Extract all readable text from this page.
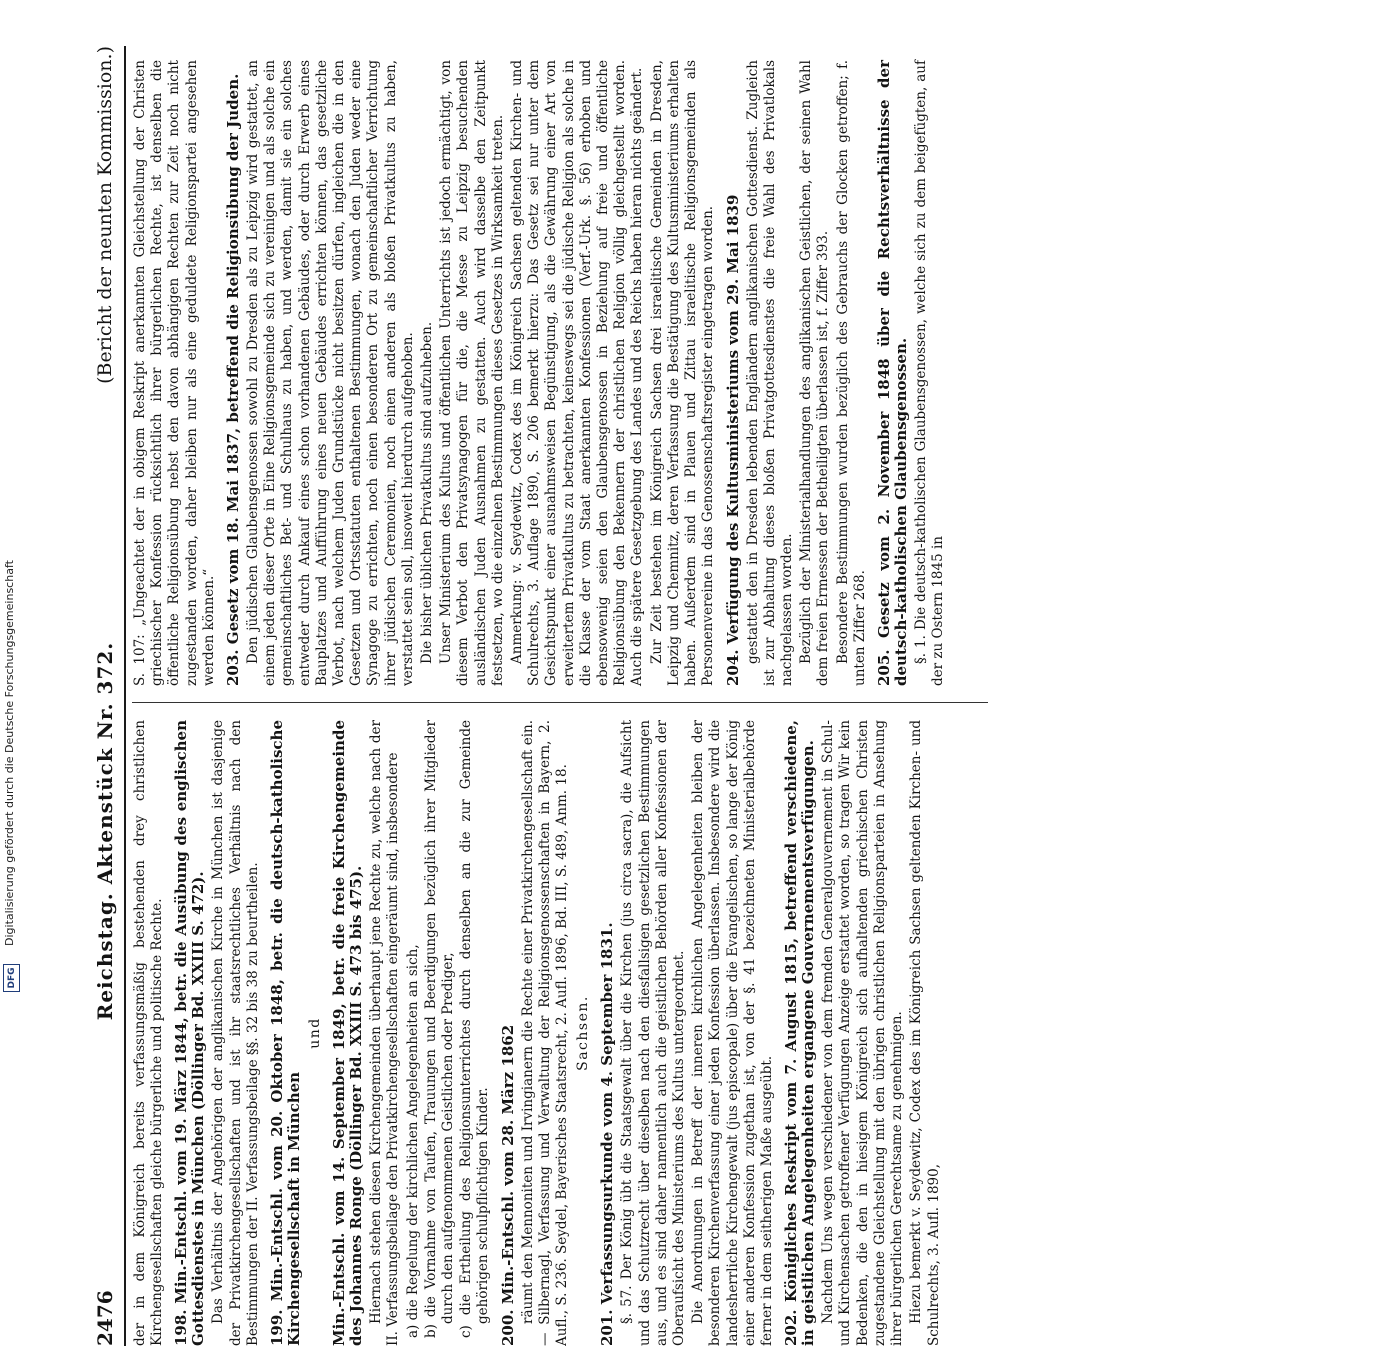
Digitalisierung gefördert durch die Deutsche Forschungsgemeinschaft
DFG
2476
Reichstag. Aktenstück Nr. 372.
(Bericht der neunten Kommission.)

der in dem Königreich bereits verfassungsmäßig bestehenden drey christlichen Kirchengesellschaften gleiche bürgerliche und politische Rechte. 198. Min.-Entschl. vom 19. März 1844, betr. die Ausübung des englischen Gottesdienstes in München (Döllinger Bd. XXIII S. 472). Das Verhältnis der Angehörigen der anglikanischen Kirche in München ist dasjenige der Privatkirchengesellschaften und ist ihr staatsrechtliches Verhältnis nach den Bestimmungen der II. Verfassungsbeilage §§. 32 bis 38 zu beurtheilen. 199. Min.-Entschl. vom 20. Oktober 1848, betr. die deutsch-katholische Kirchengesellschaft in München

und Min.-Entschl. vom 14. September 1849, betr. die freie Kirchengemeinde des Johannes Ronge (Döllinger Bd. XXIII S. 473 bis 475). Hiernach stehen diesen Kirchengemeinden überhaupt jene Rechte zu, welche nach der II. Verfassungsbeilage den Privatkirchengesellschaften eingeräumt sind, insbesondere a) die Regelung der kirchlichen Angelegenheiten an sich, b) die Vornahme von Taufen, Trauungen und Beerdigungen bezüglich ihrer Mitglieder durch den aufgenommenen Geistlichen oder Prediger, c) die Ertheilung des Religionsunterrichtes durch denselben an die zur Gemeinde gehörigen schulpflichtigen Kinder. 200. Min.-Entschl. vom 28. März 1862 räumt den Mennoniten und Irvingianern die Rechte einer Privatkirchengesellschaft ein. — Silbernagl, Verfassung und Verwaltung der Religionsgenossenschaften in Bayern, 2. Aufl., S. 236. Seydel, Bayerisches Staatsrecht, 2. Aufl. 1896, Bd. III, S. 489, Anm. 18. Sachsen. 201. Verfassungsurkunde vom 4. September 1831. §. 57. Der König übt die Staatsgewalt über die Kirchen (jus circa sacra), die Aufsicht und das Schutzrecht über dieselben nach den diesfallsigen gesetzlichen Bestimmungen aus, und es sind daher namentlich auch die geistlichen Behörden aller Konfessionen der Oberaufsicht des Ministeriums des Kultus untergeordnet. Die Anordnungen in Betreff der inneren kirchlichen Angelegenheiten bleiben der besonderen Kirchenverfassung einer jeden Konfession überlassen. Insbesondere wird die landesherrliche Kirchengewalt (jus episcopale) über die Evangelischen, so lange der König einer anderen Konfession zugethan ist, von der §. 41 bezeichneten Ministerialbehörde ferner in dem seitherigen Maße ausgeübt. 202. Königliches Reskript vom 7. August 1815, betreffend verschiedene, in geistlichen Angelegenheiten ergangene Gouvernementsverfügungen. Nachdem Uns wegen verschiedener von dem fremden Generalgouvernement in Schul- und Kirchensachen getroffener Verfügungen Anzeige erstattet worden, so tragen Wir kein Bedenken, die den in hiesigem Königreich sich aufhaltenden griechischen Christen zugestandene Gleichstellung mit den übrigen christlichen Religionsparteien in Ansehung ihrer bürgerlichen Gerechtsame zu genehmigen. Hiezu bemerkt v. Seydewitz, Codex des im Königreich Sachsen geltenden Kirchen- und Schulrechts, 3. Aufl. 1890,

S. 107: „Ungeachtet der in obigem Reskript anerkannten Gleichstellung der Christen griechischer Konfession rücksichtlich ihrer bürgerlichen Rechte, ist denselben die öffentliche Religionsübung nebst den davon abhängigen Rechten zur Zeit noch nicht zugestanden worden, daher bleiben nur als eine geduldete Religionspartei angesehen werden können.“ 203. Gesetz vom 18. Mai 1837, betreffend die Religionsübung der Juden. Den jüdischen Glaubensgenossen sowohl zu Dresden als zu Leipzig wird gestattet, an einem jeden dieser Orte in Eine Religionsgemeinde sich zu vereinigen und als solche ein gemeinschaftliches Bet- und Schulhaus zu haben, und werden, damit sie ein solches entweder durch Ankauf eines schon vorhandenen Gebäudes, oder durch Erwerb eines Bauplatzes und Aufführung eines neuen Gebäudes errichten können, das gesetzliche Verbot, nach welchem Juden Grundstücke nicht besitzen dürfen, ingleichen die in den Gesetzen und Ortsstatuten enthaltenen Bestimmungen, wonach den Juden weder eine Synagoge zu errichten, noch einen besonderen Ort zu gemeinschaftlicher Verrichtung ihrer jüdischen Ceremonien, noch einen anderen als bloßen Privatkultus zu haben, verstattet sein soll, insoweit hierdurch aufgehoben. Die bisher üblichen Privatkultus sind aufzuheben. Unser Ministerium des Kultus und öffentlichen Unterrichts ist jedoch ermächtigt, von diesem Verbot den Privatsynagogen für die, die Messe zu Leipzig besuchenden ausländischen Juden Ausnahmen zu gestatten. Auch wird dasselbe den Zeitpunkt festsetzen, wo die einzelnen Bestimmungen dieses Gesetzes in Wirksamkeit treten. Anmerkung: v. Seydewitz, Codex des im Königreich Sachsen geltenden Kirchen- und Schulrechts, 3. Auflage 1890, S. 206 bemerkt hierzu: Das Gesetz sei nur unter dem Gesichtspunkt einer ausnahmsweisen Begünstigung, als die Gewährung einer Art von erweitertem Privatkultus zu betrachten, keineswegs sei die jüdische Religion als solche in die Klasse der vom Staat anerkannten Konfessionen (Verf.-Urk. §. 56) erhoben und ebensowenig seien den Glaubensgenossen in Beziehung auf freie und öffentliche Religionsübung den Bekennern der christlichen Religion völlig gleichgestellt worden. Auch die spätere Gesetzgebung des Landes und des Reichs haben hieran nichts geändert. Zur Zeit bestehen im Königreich Sachsen drei israelitische Gemeinden in Dresden, Leipzig und Chemnitz, deren Verfassung die Bestätigung des Kultusministeriums erhalten haben. Außerdem sind in Plauen und Zittau israelitische Religionsgemeinden als Personenvereine in das Genossenschaftsregister eingetragen worden. 204. Verfügung des Kultusministeriums vom 29. Mai 1839 gestattet den in Dresden lebenden Engländern anglikanischen Gottesdienst. Zugleich ist zur Abhaltung dieses bloßen Privatgottesdienstes die freie Wahl des Privatlokals nachgelassen worden. Bezüglich der Ministerialhandlungen des anglikanischen Geistlichen, der seinen Wahl dem freien Ermessen der Betheiligten überlassen ist, f. Ziffer 393. Besondere Bestimmungen wurden bezüglich des Gebrauchs der Glocken getroffen; f. unten Ziffer 268. 205. Gesetz vom 2. November 1848 über die Rechtsverhältnisse der deutsch-katholischen Glaubensgenossen. §. 1. Die deutsch-katholischen Glaubensgenossen, welche sich zu dem beigefügten, auf der zu Ostern 1845 in
